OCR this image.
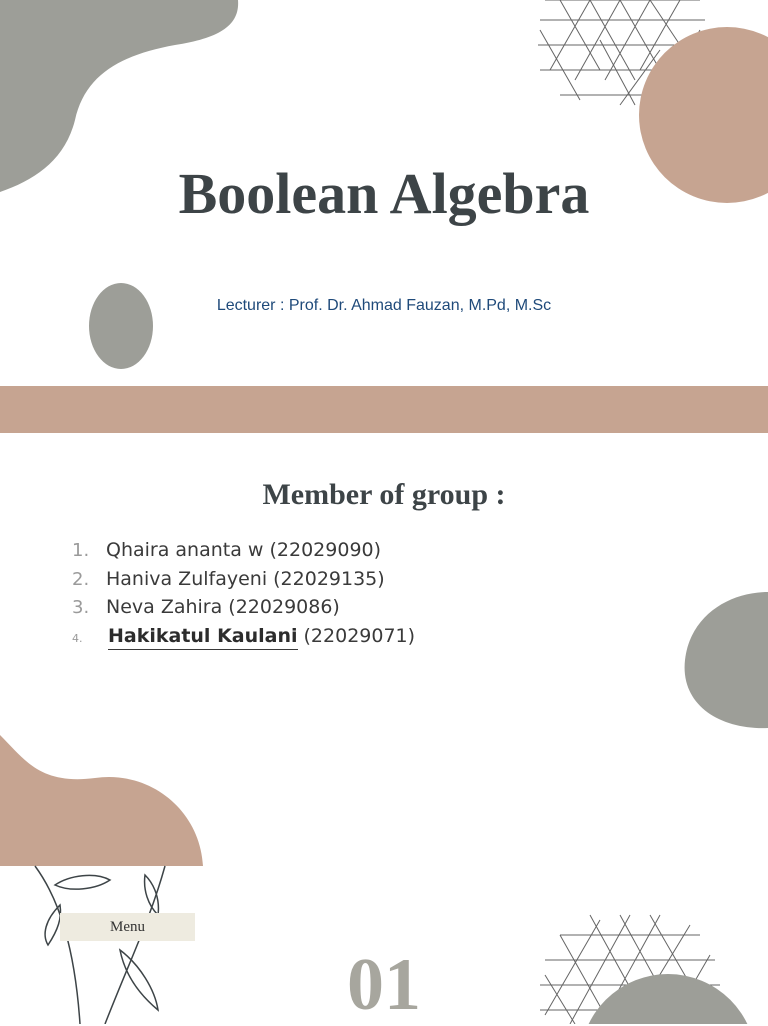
Boolean Algebra
Lecturer : Prof. Dr. Ahmad Fauzan, M.Pd, M.Sc
Member of group :
1. Qhaira ananta w (22029090)
2. Haniva Zulfayeni (22029135)
3. Neva Zahira (22029086)
4.	Hakikatul Kaulani (22029071)
Menu
01
